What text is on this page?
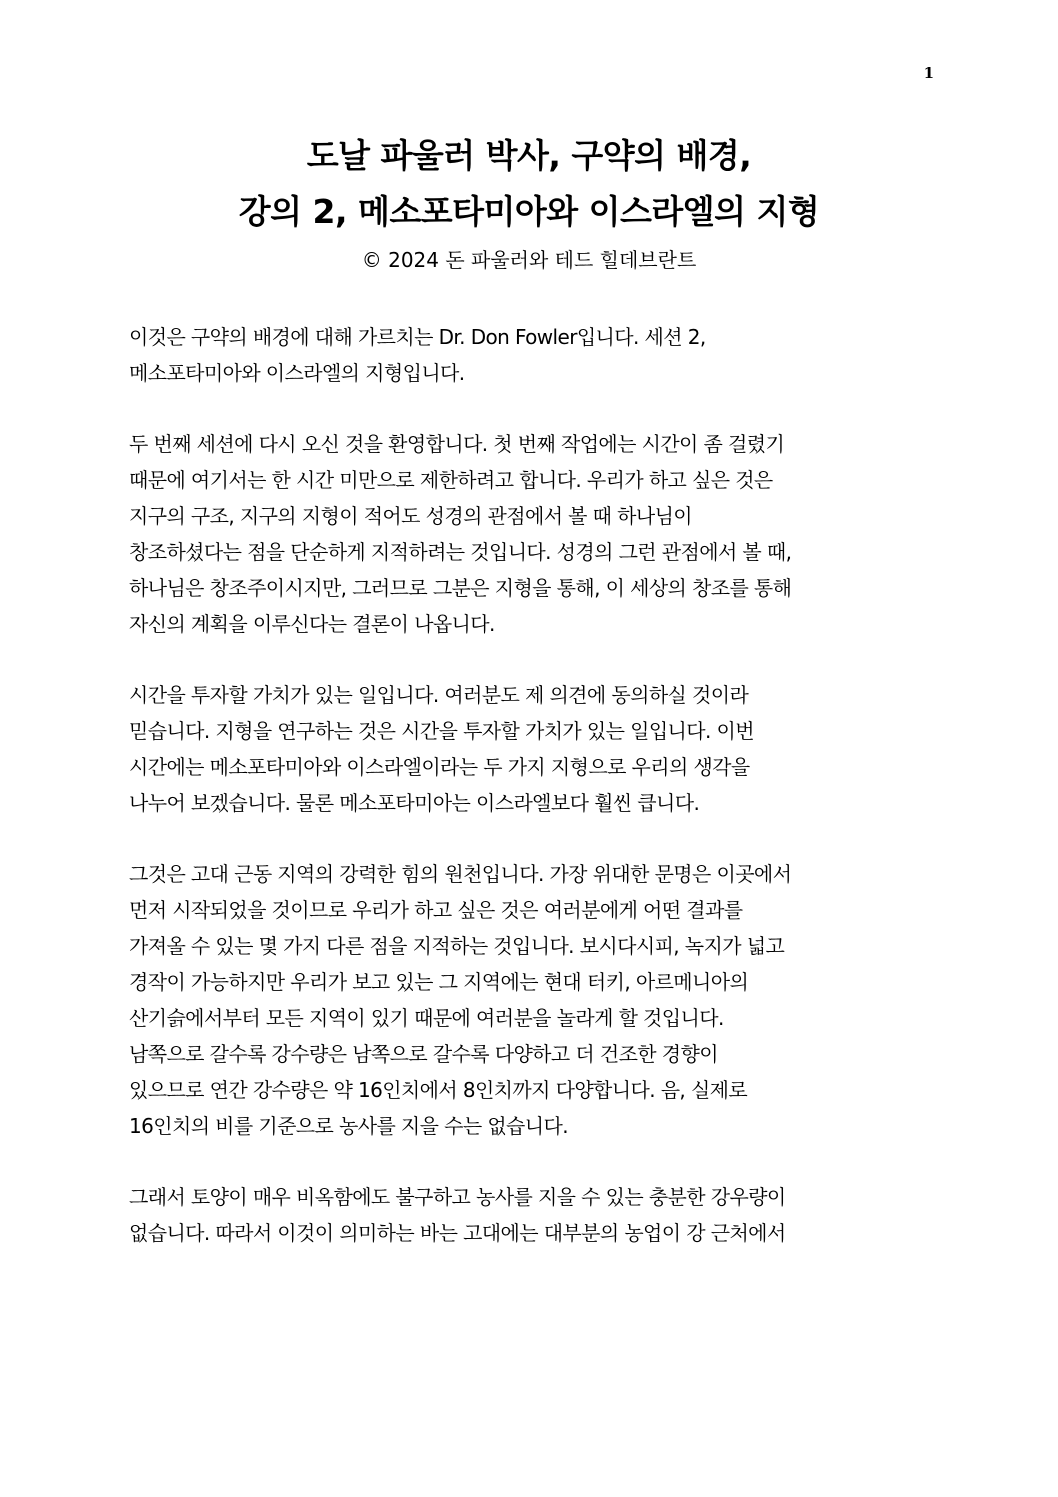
1
도날 파울러 박사, 구약의 배경,
강의 2, 메소포타미아와 이스라엘의 지형
© 2024 돈 파울러와 테드 힐데브란트
이것은 구약의 배경에 대해 가르치는 Dr. Don Fowler입니다. 세션 2,
메소포타미아와 이스라엘의 지형입니다.
두 번째 세션에 다시 오신 것을 환영합니다. 첫 번째 작업에는 시간이 좀 걸렸기
때문에 여기서는 한 시간 미만으로 제한하려고 합니다. 우리가 하고 싶은 것은
지구의 구조, 지구의 지형이 적어도 성경의 관점에서 볼 때 하나님이
창조하셨다는 점을 단순하게 지적하려는 것입니다. 성경의 그런 관점에서 볼 때,
하나님은 창조주이시지만, 그러므로 그분은 지형을 통해, 이 세상의 창조를 통해
자신의 계획을 이루신다는 결론이 나옵니다.
시간을 투자할 가치가 있는 일입니다. 여러분도 제 의견에 동의하실 것이라
믿습니다. 지형을 연구하는 것은 시간을 투자할 가치가 있는 일입니다. 이번
시간에는 메소포타미아와 이스라엘이라는 두 가지 지형으로 우리의 생각을
나누어 보겠습니다. 물론 메소포타미아는 이스라엘보다 훨씬 큽니다.
그것은 고대 근동 지역의 강력한 힘의 원천입니다. 가장 위대한 문명은 이곳에서
먼저 시작되었을 것이므로 우리가 하고 싶은 것은 여러분에게 어떤 결과를
가져올 수 있는 몇 가지 다른 점을 지적하는 것입니다. 보시다시피, 녹지가 넓고
경작이 가능하지만 우리가 보고 있는 그 지역에는 현대 터키, 아르메니아의
산기슭에서부터 모든 지역이 있기 때문에 여러분을 놀라게 할 것입니다.
남쪽으로 갈수록 강수량은 남쪽으로 갈수록 다양하고 더 건조한 경향이
있으므로 연간 강수량은 약 16인치에서 8인치까지 다양합니다. 음, 실제로
16인치의 비를 기준으로 농사를 지을 수는 없습니다.
그래서 토양이 매우 비옥함에도 불구하고 농사를 지을 수 있는 충분한 강우량이
없습니다. 따라서 이것이 의미하는 바는 고대에는 대부분의 농업이 강 근처에서
